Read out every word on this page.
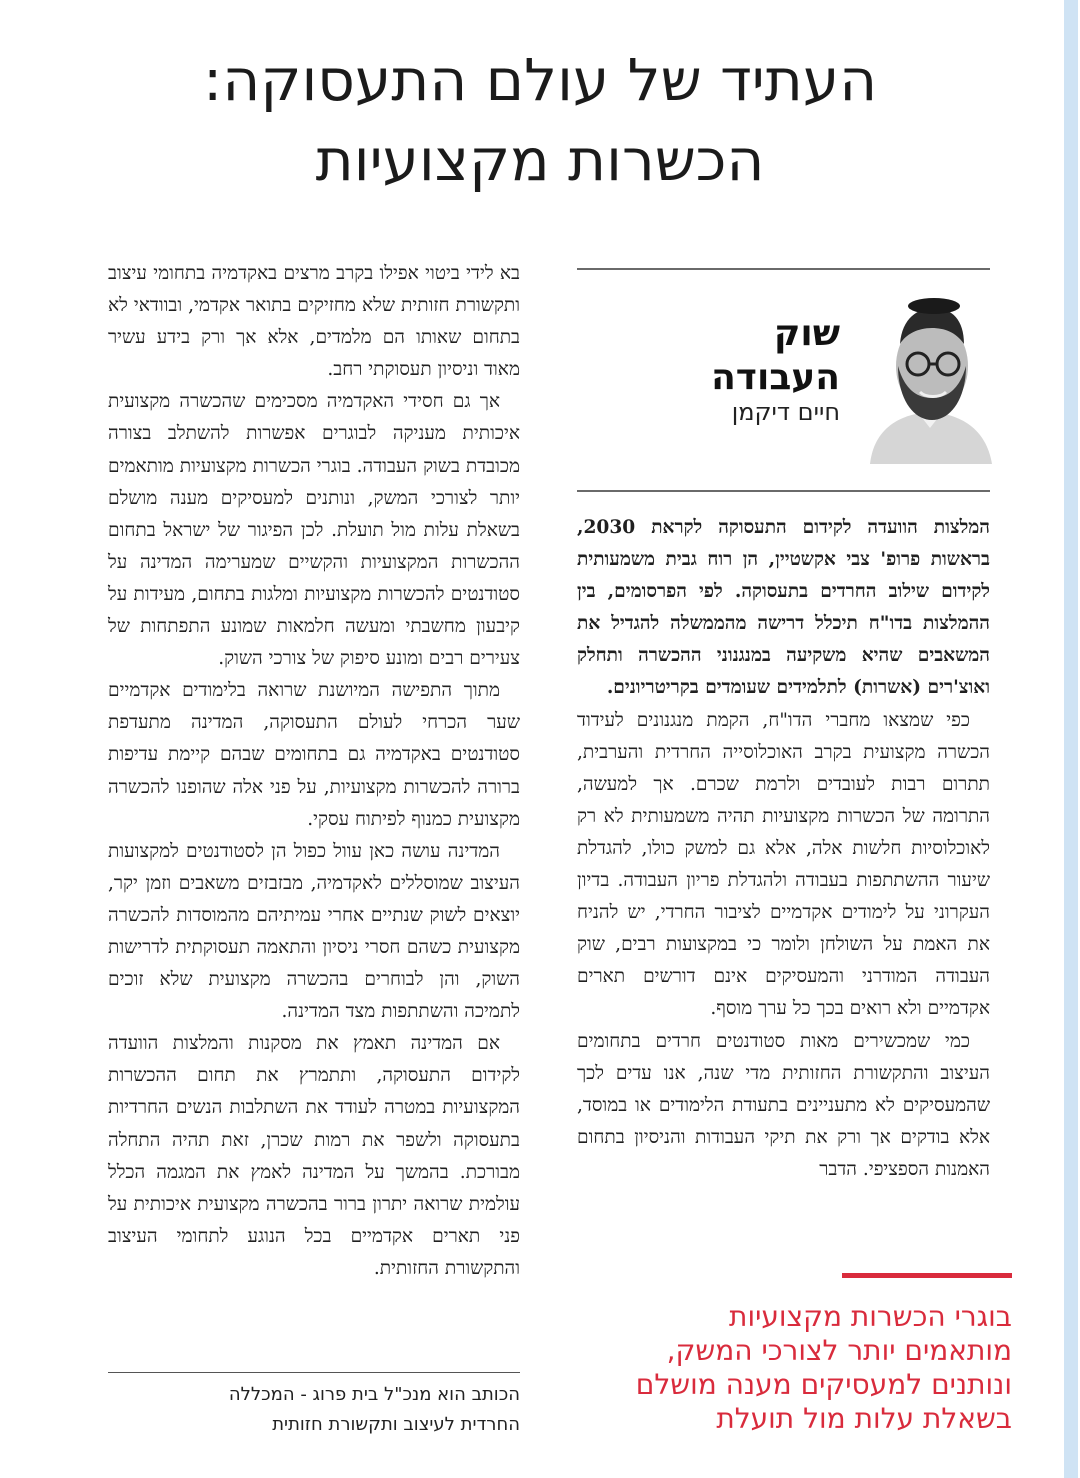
העתיד של עולם התעסוקה:
הכשרות מקצועיות

בא לידי ביטוי אפילו בקרב מרצים באקדמיה בתחומי עיצוב ותקשורת חזותית שלא מחזיקים בתואר אקדמי, ובוודאי לא בתחום שאותו הם מלמדים, אלא אך ורק בידע עשיר מאוד וניסיון תעסוקתי רחב.

אך גם חסידי האקדמיה מסכימים שהכשרה מקצועית איכותית מעניקה לבוגרים אפשרות להשתלב בצורה מכובדת בשוק העבודה. בוגרי הכשרות מקצועיות מותאמים יותר לצורכי המשק, ונותנים למעסיקים מענה מושלם בשאלת עלות מול תועלת. לכן הפיגור של ישראל בתחום ההכשרות המקצועיות והקשיים שמערימה המדינה על סטודנטים להכשרות מקצועיות ומלגות בתחום, מעידות על קיבעון מחשבתי ומעשה חלמאות שמונע התפתחות של צעירים רבים ומונע סיפוק של צורכי השוק.

מתוך התפישה המיושנת שרואה בלימודים אקדמיים שער הכרחי לעולם התעסוקה, המדינה מתעדפת סטודנטים באקדמיה גם בתחומים שבהם קיימת עדיפות ברורה להכשרות מקצועיות, על פני אלה שהופנו להכשרה מקצועית כמנוף לפיתוח עסקי.

המדינה עושה כאן עוול כפול הן לסטודנטים למקצועות העיצוב שמוסללים לאקדמיה, מבזבזים משאבים וזמן יקר, יוצאים לשוק שנתיים אחרי עמיתיהם מהמוסדות להכשרה מקצועית כשהם חסרי ניסיון והתאמה תעסוקתית לדרישות השוק, והן לבוחרים בהכשרה מקצועית שלא זוכים לתמיכה והשתתפות מצד המדינה.

אם המדינה תאמץ את מסקנות והמלצות הוועדה לקידום התעסוקה, ותתמרץ את תחום ההכשרות המקצועיות במטרה לעודד את השתלבות הנשים החרדיות בתעסוקה ולשפר את רמות שכרן, זאת תהיה התחלה מבורכת. בהמשך על המדינה לאמץ את המגמה הכלל עולמית שרואה יתרון ברור בהכשרה מקצועית איכותית על פני תארים אקדמיים בכל הנוגע לתחומי העיצוב והתקשורת החזותית.

הכותב הוא מנכ"ל בית פרוג - המכללה
החרדית לעיצוב ותקשורת חזותית
שוק
העבודה
חיים דיקמן

המלצות הוועדה לקידום התעסוקה לקראת 2030, בראשות פרופ' צבי אקשטיין, הן רוח גבית משמעותית לקידום שילוב החרדים בתעסוקה. לפי הפרסומים, בין ההמלצות בדו"ח תיכלל דרישה מהממשלה להגדיל את המשאבים שהיא משקיעה במנגנוני ההכשרה ותחלק ואוצ'רים (אשרות) לתלמידים שעומדים בקריטריונים.

כפי שמצאו מחברי הדו"ח, הקמת מנגנונים לעידוד הכשרה מקצועית בקרב האוכלוסייה החרדית והערבית, תתרום רבות לעובדים ולרמת שכרם. אך למעשה, התרומה של הכשרות מקצועיות תהיה משמעותית לא רק לאוכלוסיות חלשות אלה, אלא גם למשק כולו, להגדלת שיעור ההשתתפות בעבודה ולהגדלת פריון העבודה. בדיון העקרוני על לימודים אקדמיים לציבור החרדי, יש להניח את האמת על השולחן ולומר כי במקצועות רבים, שוק העבודה המודרני והמעסיקים אינם דורשים תארים אקדמיים ולא רואים בכך כל ערך מוסף.

כמי שמכשירים מאות סטודנטים חרדים בתחומים העיצוב והתקשורת החזותית מדי שנה, אנו עדים לכך שהמעסיקים לא מתעניינים בתעודת הלימודים או במוסד, אלא בודקים אך ורק את תיקי העבודות והניסיון בתחום האמנות הספציפי. הדבר

בוגרי הכשרות מקצועיות
מותאמים יותר לצורכי המשק,
ונותנים למעסיקים מענה מושלם
בשאלת עלות מול תועלת
